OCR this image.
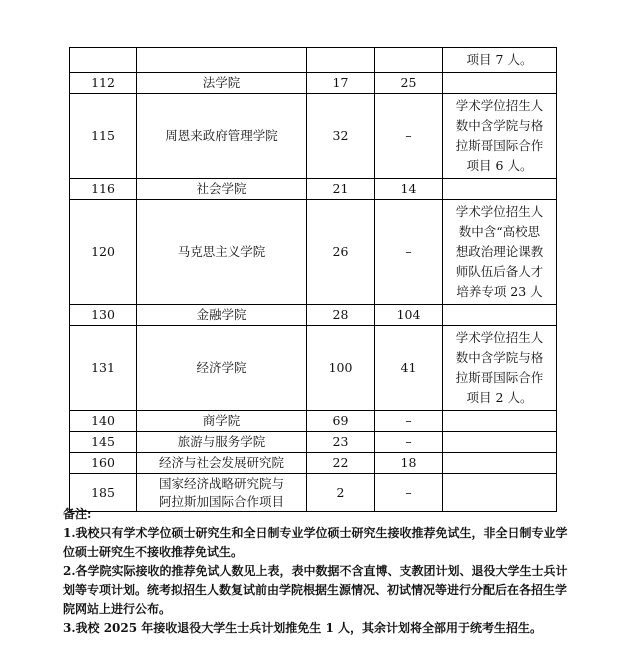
				项目 7 人。
112	法学院	17	25	
115	周恩来政府管理学院	32	–	学术学位招生人
数中含学院与格
拉斯哥国际合作
项目 6 人。
116	社会学院	21	14	
120	马克思主义学院	26	–	学术学位招生人
数中含“高校思
想政治理论课教
师队伍后备人才
培养专项 23 人
130	金融学院	28	104	
131	经济学院	100	41	学术学位招生人
数中含学院与格
拉斯哥国际合作
项目 2 人。
140	商学院	69	–	
145	旅游与服务学院	23	–	
160	经济与社会发展研究院	22	18	
185	国家经济战略研究院与
阿拉斯加国际合作项目	2	–	

备注:

1.我校只有学术学位硕士研究生和全日制专业学位硕士研究生接收推荐免试生，非全日制专业学位硕士研究生不接收推荐免试生。

2.各学院实际接收的推荐免试人数见上表，表中数据不含直博、支教团计划、退役大学生士兵计划等专项计划。统考拟招生人数复试前由学院根据生源情况、初试情况等进行分配后在各招生学院网站上进行公布。

3.我校 2025 年接收退役大学生士兵计划推免生 1 人，其余计划将全部用于统考生招生。
